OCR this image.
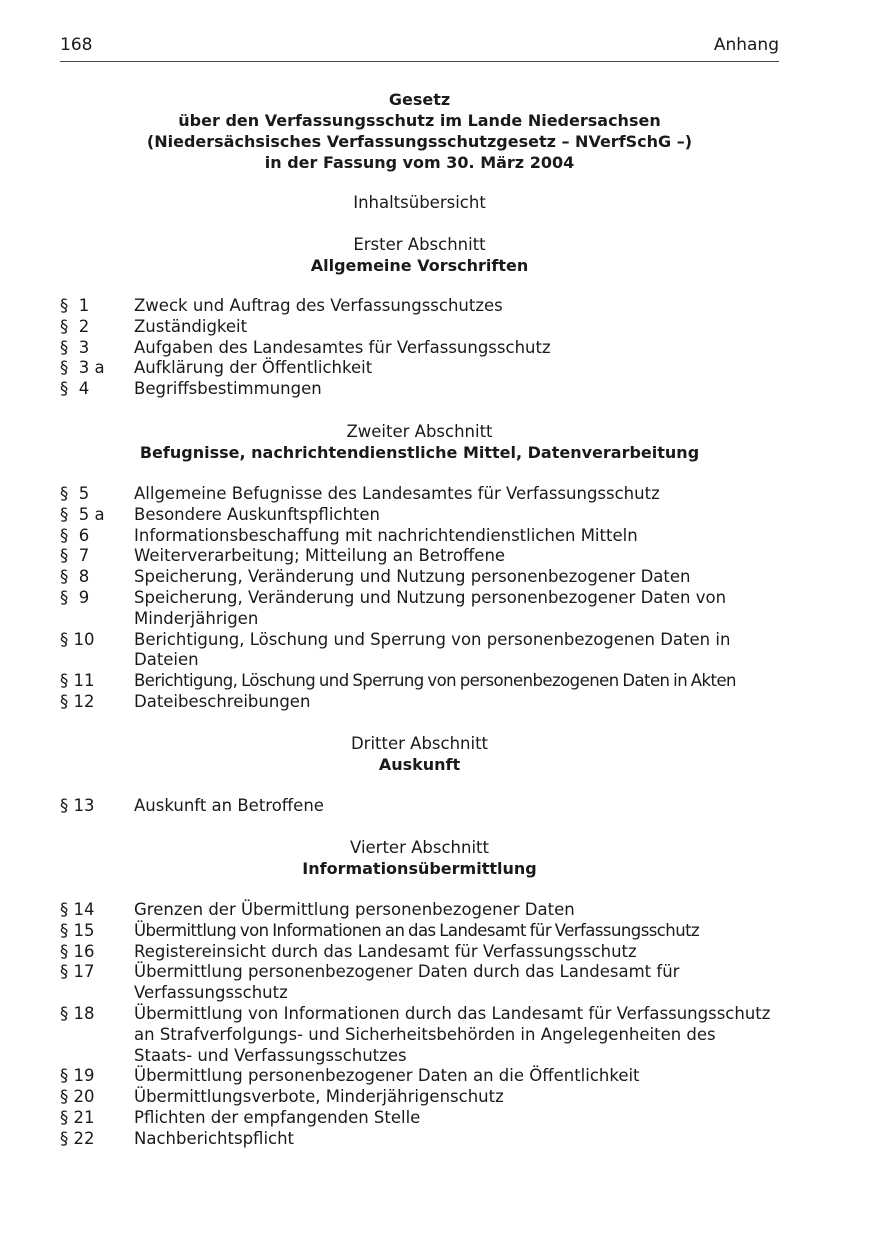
168	Anhang
Gesetz
über den Verfassungsschutz im Lande Niedersachsen
(Niedersächsisches Verfassungsschutzgesetz – NVerfSchG –)
in der Fassung vom 30. März 2004
Inhaltsübersicht
Erster Abschnitt
Allgemeine Vorschriften
§  1	Zweck und Auftrag des Verfassungsschutzes
§  2	Zuständigkeit
§  3	Aufgaben des Landesamtes für Verfassungsschutz
§  3 a	Aufklärung der Öffentlichkeit
§  4	Begriffsbestimmungen
Zweiter Abschnitt
Befugnisse, nachrichtendienstliche Mittel, Datenverarbeitung
§  5	Allgemeine Befugnisse des Landesamtes für Verfassungsschutz
§  5 a	Besondere Auskunftspflichten
§  6	Informationsbeschaffung mit nachrichtendienstlichen Mitteln
§  7	Weiterverarbeitung; Mitteilung an Betroffene
§  8	Speicherung, Veränderung und Nutzung personenbezogener Daten
§  9	Speicherung, Veränderung und Nutzung personenbezogener Daten von Minderjährigen
§ 10	Berichtigung, Löschung und Sperrung von personenbezogenen Daten in Dateien
§ 11	Berichtigung, Löschung und Sperrung von personenbezogenen Daten in Akten
§ 12	Dateibeschreibungen
Dritter Abschnitt
Auskunft
§ 13	Auskunft an Betroffene
Vierter Abschnitt
Informationsübermittlung
§ 14	Grenzen der Übermittlung personenbezogener Daten
§ 15	Übermittlung von Informationen an das Landesamt für Verfassungsschutz
§ 16	Registereinsicht durch das Landesamt für Verfassungsschutz
§ 17	Übermittlung personenbezogener Daten durch das Landesamt für Verfassungsschutz
§ 18	Übermittlung von Informationen durch das Landesamt für Verfassungsschutz an Strafverfolgungs- und Sicherheitsbehörden in Angelegenheiten des Staats- und Verfassungsschutzes
§ 19	Übermittlung personenbezogener Daten an die Öffentlichkeit
§ 20	Übermittlungsverbote, Minderjährigenschutz
§ 21	Pflichten der empfangenden Stelle
§ 22	Nachberichtspflicht
